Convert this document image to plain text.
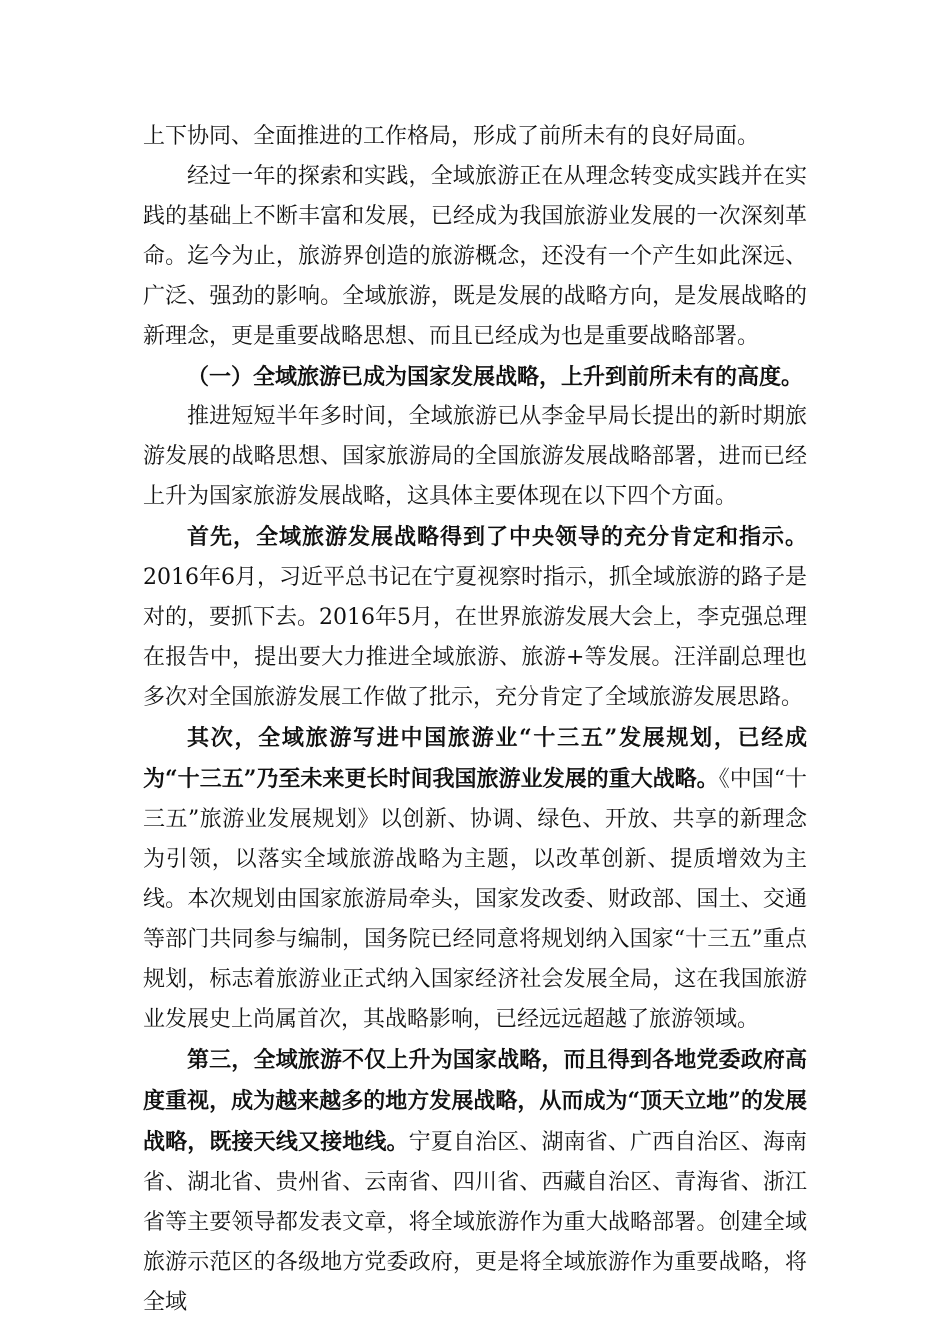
上下协同、全面推进的工作格局，形成了前所未有的良好局面。

经过一年的探索和实践，全域旅游正在从理念转变成实践并在实践的基础上不断丰富和发展，已经成为我国旅游业发展的一次深刻革命。迄今为止，旅游界创造的旅游概念，还没有一个产生如此深远、广泛、强劲的影响。全域旅游，既是发展的战略方向，是发展战略的新理念，更是重要战略思想、而且已经成为也是重要战略部署。

（一）全域旅游已成为国家发展战略，上升到前所未有的高度。

推进短短半年多时间，全域旅游已从李金早局长提出的新时期旅游发展的战略思想、国家旅游局的全国旅游发展战略部署，进而已经上升为国家旅游发展战略，这具体主要体现在以下四个方面。

首先，全域旅游发展战略得到了中央领导的充分肯定和指示。2016年6月，习近平总书记在宁夏视察时指示，抓全域旅游的路子是对的，要抓下去。2016年5月，在世界旅游发展大会上，李克强总理在报告中，提出要大力推进全域旅游、旅游+等发展。汪洋副总理也多次对全国旅游发展工作做了批示，充分肯定了全域旅游发展思路。

其次，全域旅游写进中国旅游业“十三五”发展规划，已经成为“十三五”乃至未来更长时间我国旅游业发展的重大战略。《中国“十三五”旅游业发展规划》以创新、协调、绿色、开放、共享的新理念为引领，以落实全域旅游战略为主题，以改革创新、提质增效为主线。本次规划由国家旅游局牵头，国家发改委、财政部、国土、交通等部门共同参与编制，国务院已经同意将规划纳入国家“十三五”重点规划，标志着旅游业正式纳入国家经济社会发展全局，这在我国旅游业发展史上尚属首次，其战略影响，已经远远超越了旅游领域。

第三，全域旅游不仅上升为国家战略，而且得到各地党委政府高度重视，成为越来越多的地方发展战略，从而成为“顶天立地”的发展战略，既接天线又接地线。宁夏自治区、湖南省、广西自治区、海南省、湖北省、贵州省、云南省、四川省、西藏自治区、青海省、浙江省等主要领导都发表文章，将全域旅游作为重大战略部署。创建全域旅游示范区的各级地方党委政府，更是将全域旅游作为重要战略，将全域
